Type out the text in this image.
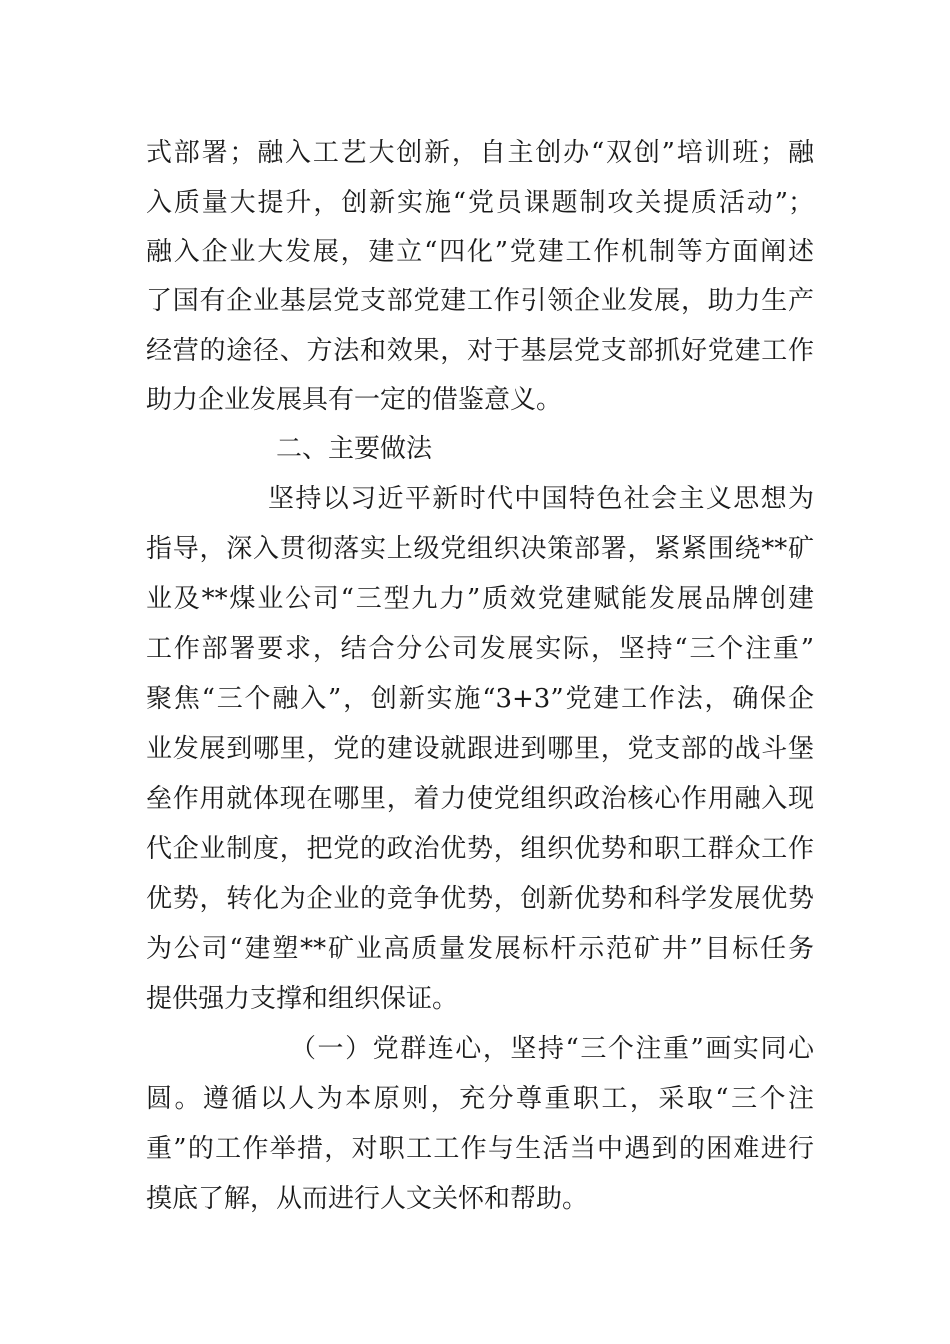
式部署；融入工艺大创新，自主创办“双创”培训班；融
入质量大提升，创新实施“党员课题制攻关提质活动”；
融入企业大发展，建立“四化”党建工作机制等方面阐述
了国有企业基层党支部党建工作引领企业发展，助力生产
经营的途径、方法和效果，对于基层党支部抓好党建工作
助力企业发展具有一定的借鉴意义。
二、主要做法
坚持以习近平新时代中国特色社会主义思想为
指导，深入贯彻落实上级党组织决策部署，紧紧围绕**矿
业及**煤业公司“三型九力”质效党建赋能发展品牌创建
工作部署要求，结合分公司发展实际，坚持“三个注重”
聚焦“三个融入”，创新实施“3+3”党建工作法，确保企
业发展到哪里，党的建设就跟进到哪里，党支部的战斗堡
垒作用就体现在哪里，着力使党组织政治核心作用融入现
代企业制度，把党的政治优势，组织优势和职工群众工作
优势，转化为企业的竞争优势，创新优势和科学发展优势
为公司“建塑**矿业高质量发展标杆示范矿井”目标任务
提供强力支撑和组织保证。
（一）党群连心，坚持“三个注重”画实同心
圆。遵循以人为本原则，充分尊重职工，采取“三个注
重”的工作举措，对职工工作与生活当中遇到的困难进行
摸底了解，从而进行人文关怀和帮助。
